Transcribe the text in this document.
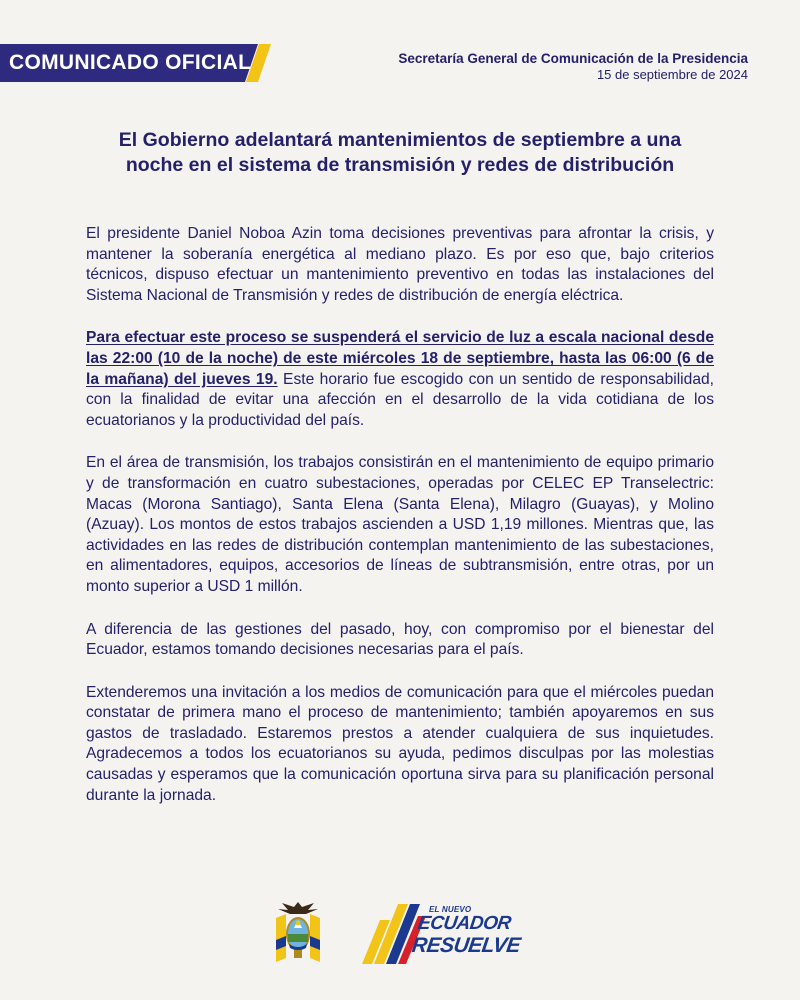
COMUNICADO OFICIAL	Secretaría General de Comunicación de la Presidencia
15 de septiembre de 2024
El Gobierno adelantará mantenimientos de septiembre a una
noche en el sistema de transmisión y redes de distribución

El presidente Daniel Noboa Azin toma decisiones preventivas para afrontar la crisis, y mantener la soberanía energética al mediano plazo. Es por eso que, bajo criterios técnicos, dispuso efectuar un mantenimiento preventivo en todas las instalaciones del Sistema Nacional de Transmisión y redes de distribución de energía eléctrica.

Para efectuar este proceso se suspenderá el servicio de luz a escala nacional desde las 22:00 (10 de la noche) de este miércoles 18 de septiembre, hasta las 06:00 (6 de la mañana) del jueves 19. Este horario fue escogido con un sentido de responsabilidad, con la finalidad de evitar una afección en el desarrollo de la vida cotidiana de los ecuatorianos y la productividad del país.

En el área de transmisión, los trabajos consistirán en el mantenimiento de equipo primario y de transformación en cuatro subestaciones, operadas por CELEC EP Transelectric: Macas (Morona Santiago), Santa Elena (Santa Elena), Milagro (Guayas), y Molino (Azuay). Los montos de estos trabajos ascienden a USD 1,19 millones. Mientras que, las actividades en las redes de distribución contemplan mantenimiento de las subestaciones, en alimentadores, equipos, accesorios de líneas de subtransmisión, entre otras, por un monto superior a USD 1 millón.

A diferencia de las gestiones del pasado, hoy, con compromiso por el bienestar del Ecuador, estamos tomando decisiones necesarias para el país.

Extenderemos una invitación a los medios de comunicación para que el miércoles puedan constatar de primera mano el proceso de mantenimiento; también apoyaremos en sus gastos de trasladado. Estaremos prestos a atender cualquiera de sus inquietudes. Agradecemos a todos los ecuatorianos su ayuda, pedimos disculpas por las molestias causadas y esperamos que la comunicación oportuna sirva para su planificación personal durante la jornada.

EL NUEVO
ECUADOR
RESUELVE
